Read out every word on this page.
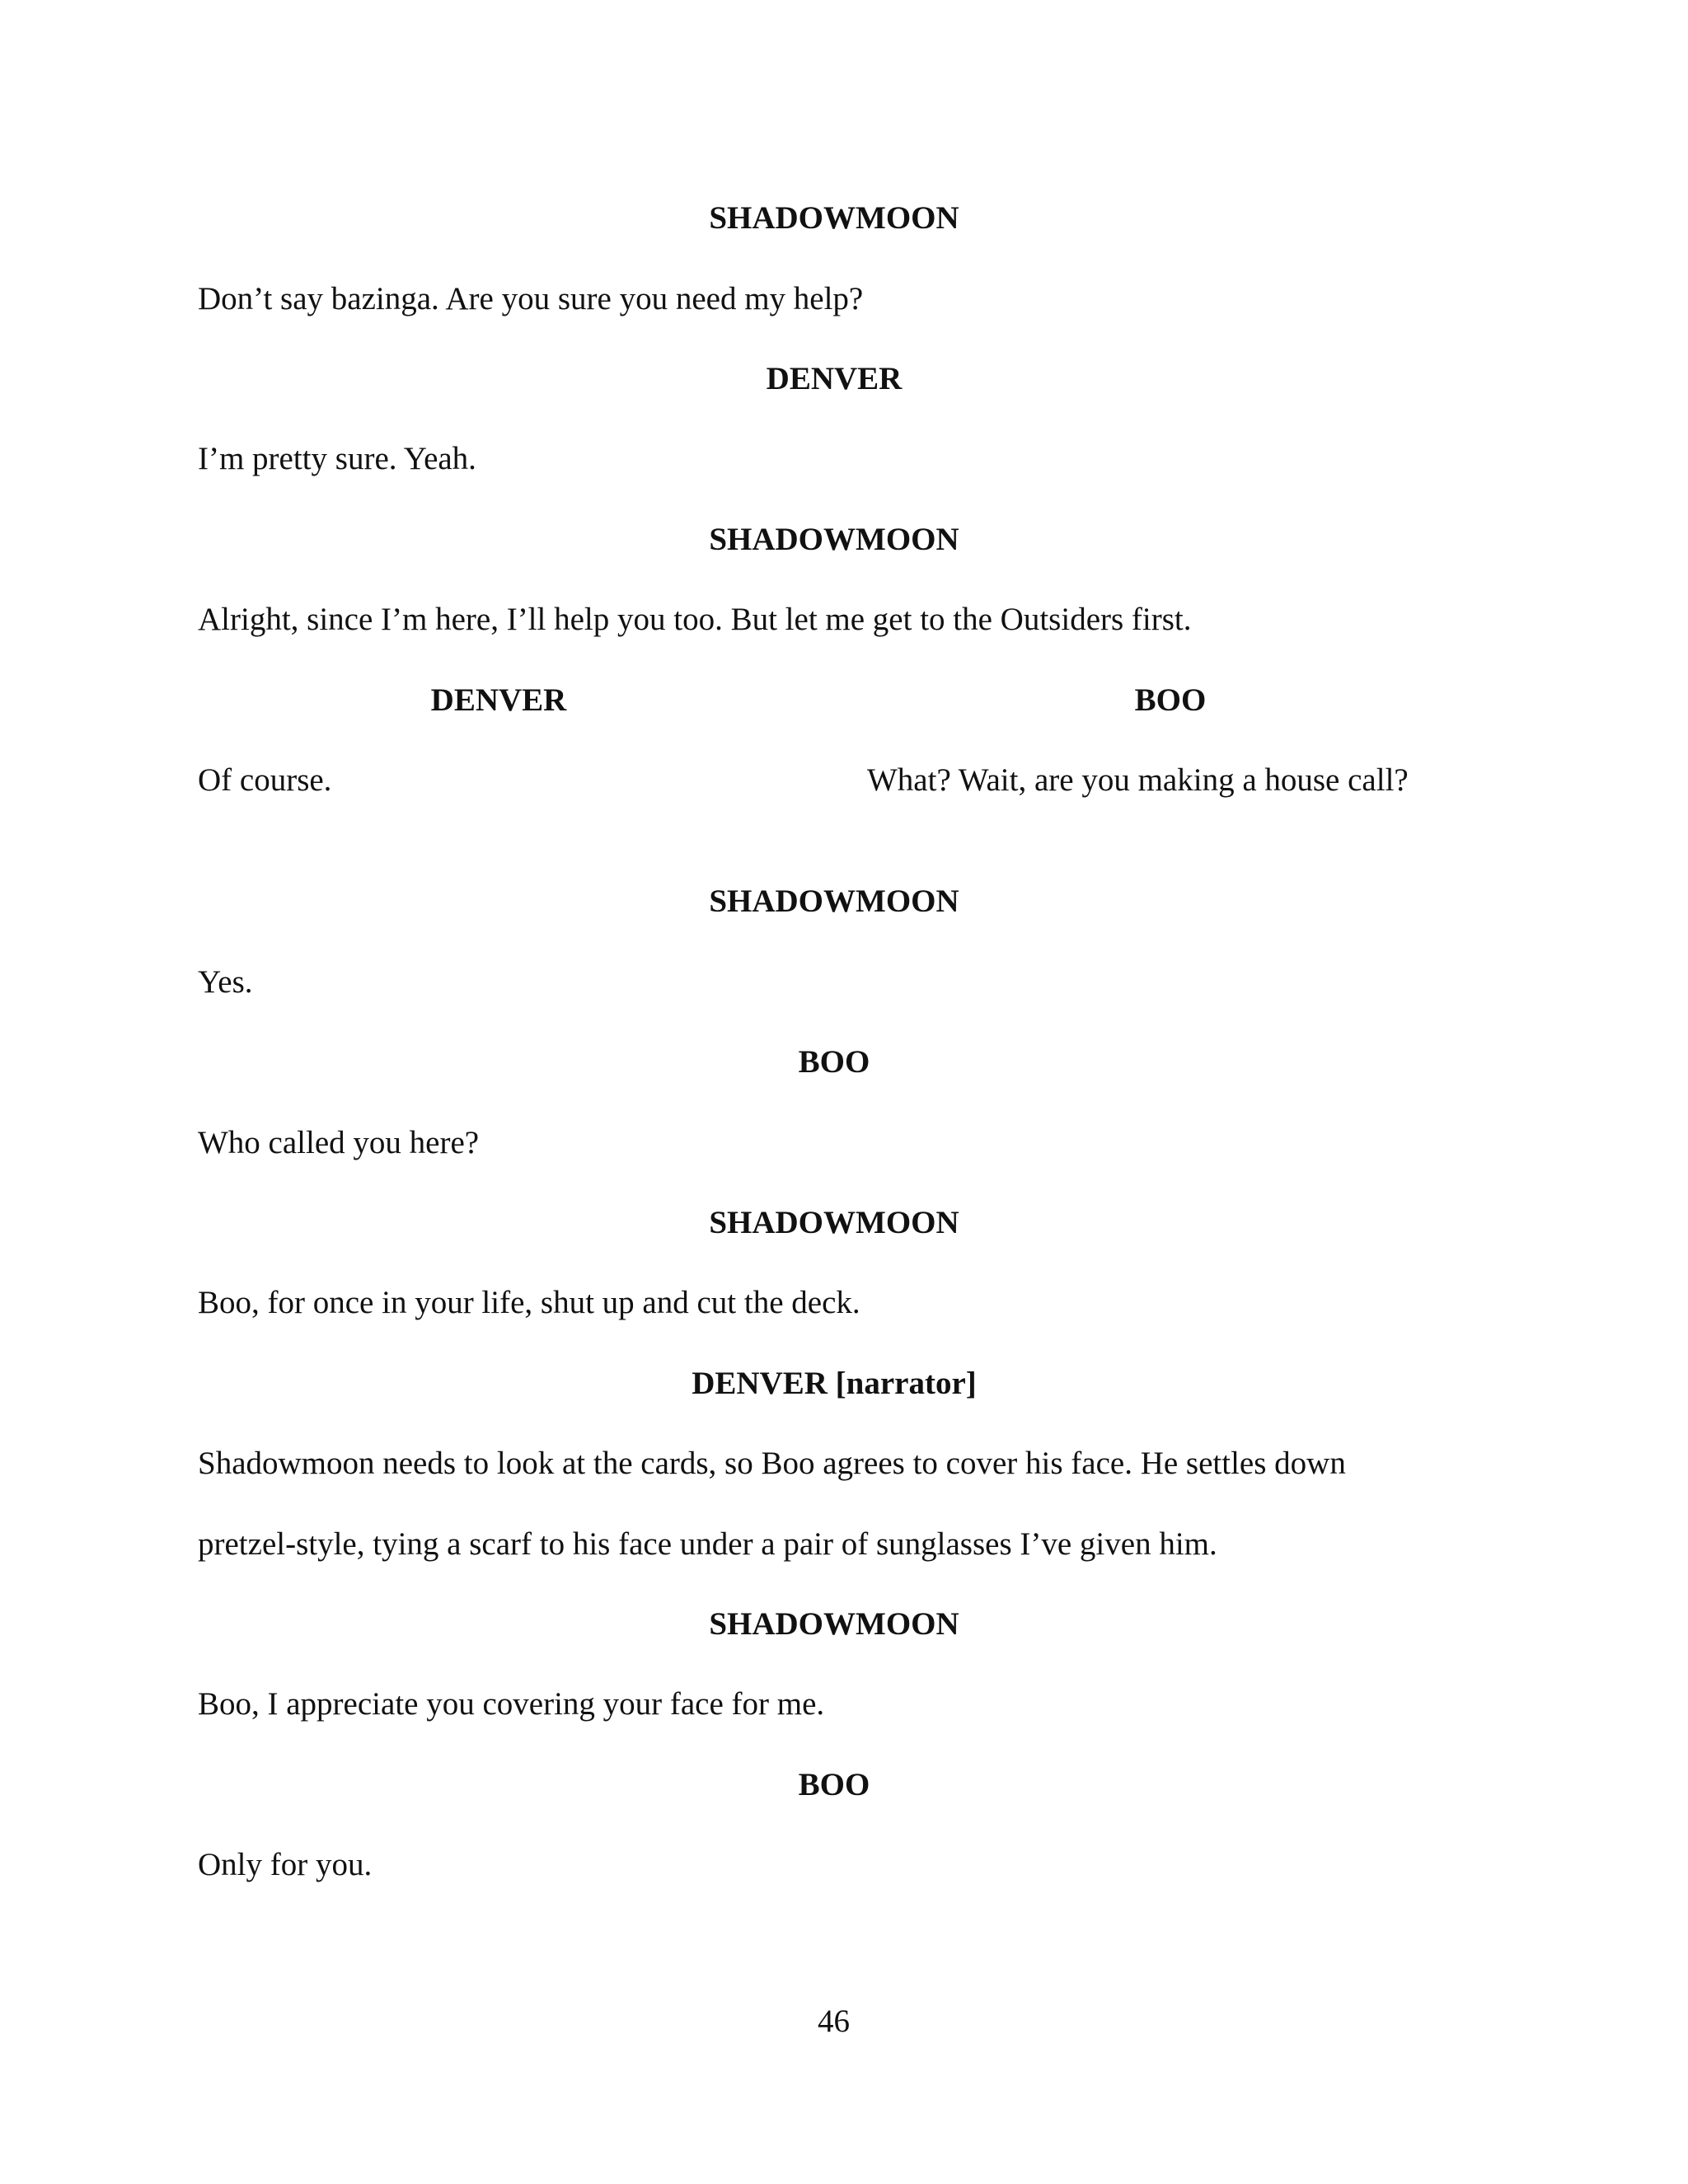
SHADOWMOON
Don’t say bazinga. Are you sure you need my help?
DENVER
I’m pretty sure. Yeah.
SHADOWMOON
Alright, since I’m here, I’ll help you too. But let me get to the Outsiders first.
DENVER	BOO
Of course.	What? Wait, are you making a house call?
SHADOWMOON
Yes.
BOO
Who called you here?
SHADOWMOON
Boo, for once in your life, shut up and cut the deck.
DENVER [narrator]
Shadowmoon needs to look at the cards, so Boo agrees to cover his face. He settles down
pretzel-style, tying a scarf to his face under a pair of sunglasses I’ve given him.
SHADOWMOON
Boo, I appreciate you covering your face for me.
BOO
Only for you.
46
